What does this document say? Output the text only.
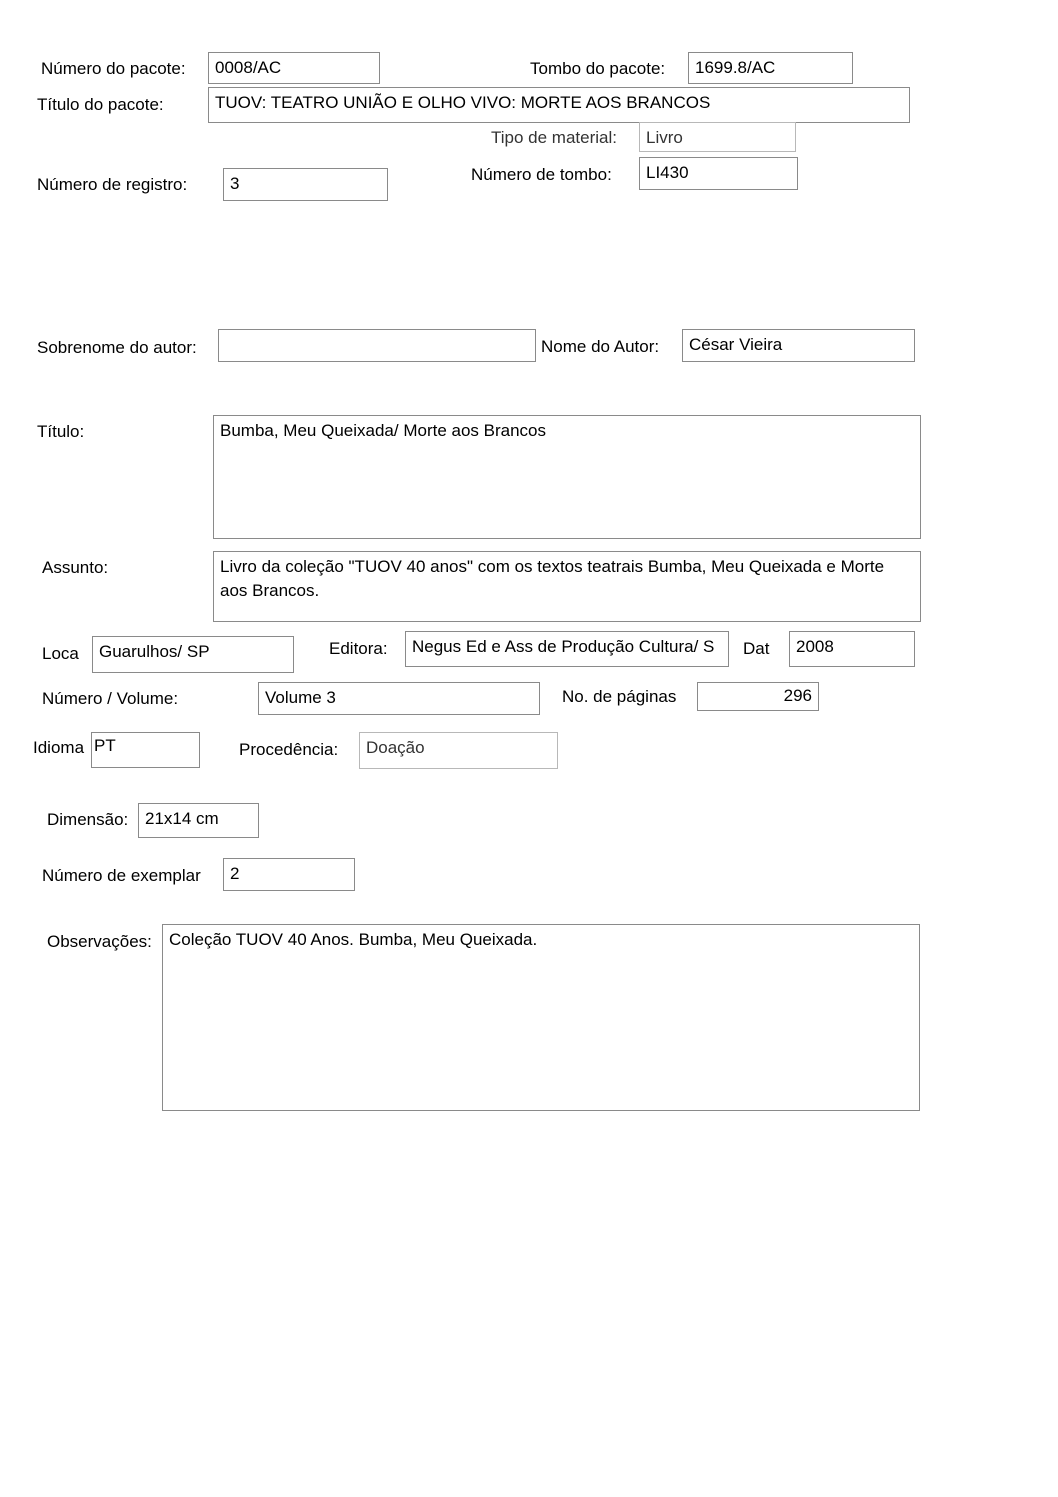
Número do pacote:	0008/AC	Tombo do pacote:	1699.8/AC
Título do pacote:	TUOV: TEATRO UNIÃO E OLHO VIVO: MORTE AOS BRANCOS
Tipo de material:	Livro
Número de registro:	3	Número de tombo:	LI430
Sobrenome do autor:	Nome do Autor:	César Vieira
Título:	Bumba, Meu Queixada/ Morte aos Brancos
Assunto:	Livro da coleção "TUOV 40 anos" com os textos teatrais Bumba, Meu Queixada e Morte aos Brancos.
Loca	Guarulhos/ SP	Editora:	Negus Ed e Ass de Produção Cultura/ S	Dat	2008
Número / Volume:	Volume 3	No. de páginas	296
Idioma PT	Procedência:	Doação
Dimensão: 21x14 cm
Número de exemplar	2
Observações:	Coleção TUOV 40 Anos. Bumba, Meu Queixada.
